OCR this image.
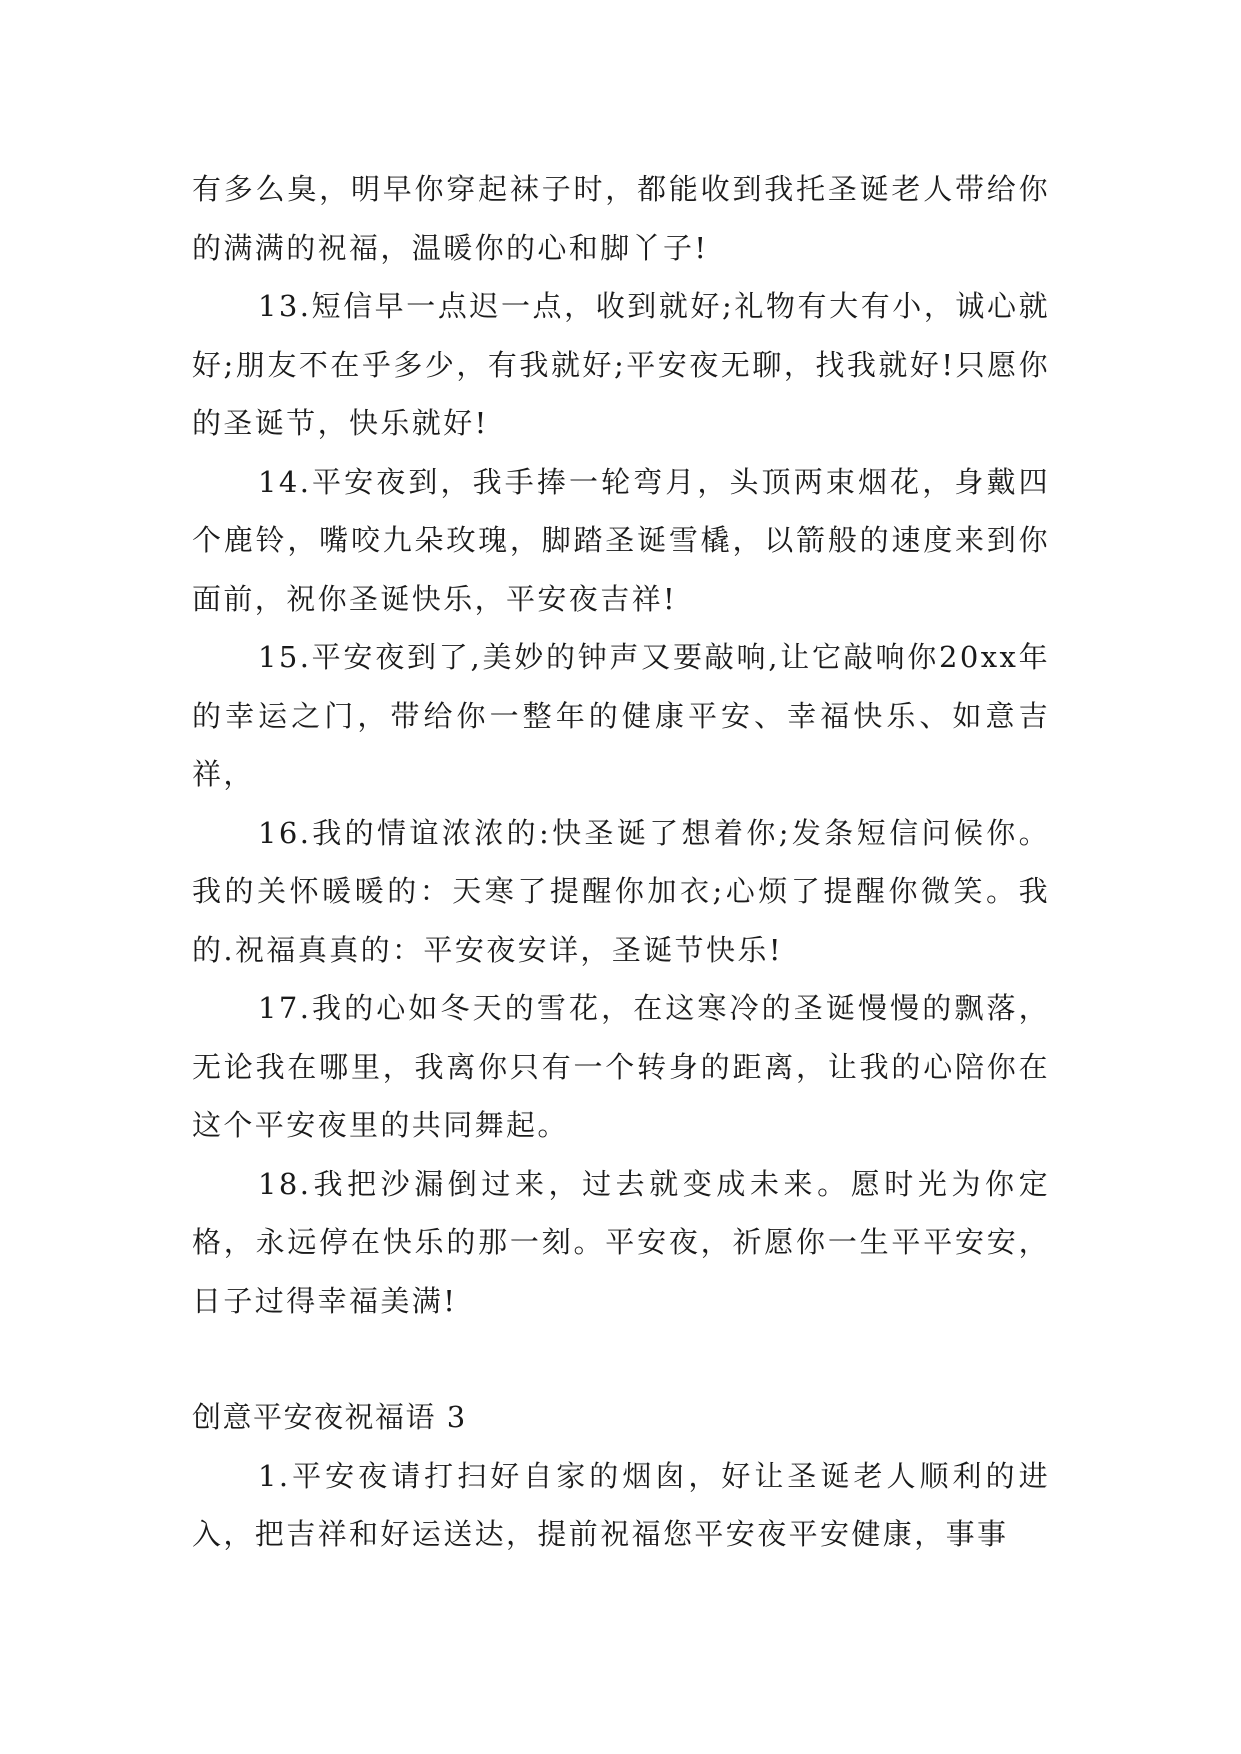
有多么臭，明早你穿起袜子时，都能收到我托圣诞老人带给你的满满的祝福，温暖你的心和脚丫子!

13.短信早一点迟一点，收到就好;礼物有大有小，诚心就好;朋友不在乎多少，有我就好;平安夜无聊，找我就好!只愿你的圣诞节，快乐就好!

14.平安夜到，我手捧一轮弯月，头顶两束烟花，身戴四个鹿铃，嘴咬九朵玫瑰，脚踏圣诞雪橇，以箭般的速度来到你面前，祝你圣诞快乐，平安夜吉祥!

15.平安夜到了,美妙的钟声又要敲响,让它敲响你20xx年的幸运之门，带给你一整年的健康平安、幸福快乐、如意吉祥，

16.我的情谊浓浓的:快圣诞了想着你;发条短信问候你。我的关怀暖暖的：天寒了提醒你加衣;心烦了提醒你微笑。我的.祝福真真的：平安夜安详，圣诞节快乐!

17.我的心如冬天的雪花，在这寒冷的圣诞慢慢的飘落，无论我在哪里，我离你只有一个转身的距离，让我的心陪你在这个平安夜里的共同舞起。

18.我把沙漏倒过来，过去就变成未来。愿时光为你定格，永远停在快乐的那一刻。平安夜，祈愿你一生平平安安，日子过得幸福美满!

创意平安夜祝福语 3

1.平安夜请打扫好自家的烟囱，好让圣诞老人顺利的进入，把吉祥和好运送达，提前祝福您平安夜平安健康，事事
